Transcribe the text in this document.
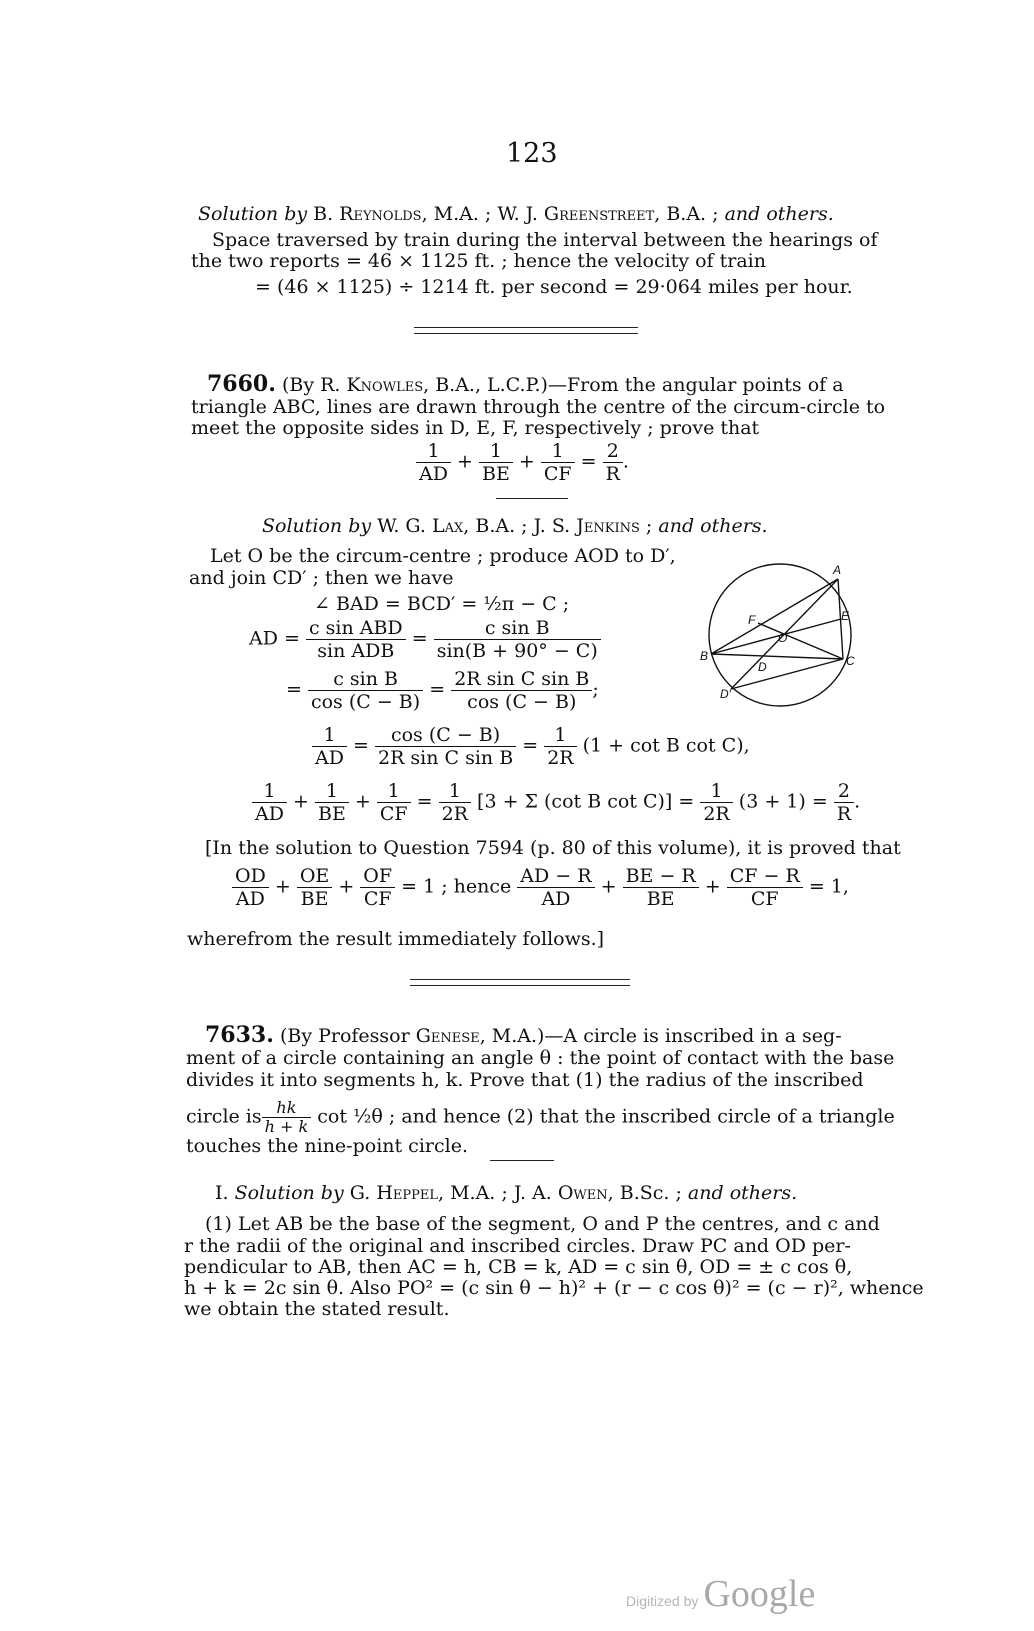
123
Solution by B. Reynolds, M.A. ; W. J. Greenstreet, B.A. ; and others.
Space traversed by train during the interval between the hearings of
the two reports = 46 × 1125 ft. ; hence the velocity of train
= (46 × 1125) ÷ 1214 ft. per second = 29·064 miles per hour.
7660. (By R. Knowles, B.A., L.C.P.)—From the angular points of a
triangle ABC, lines are drawn through the centre of the circum-circle to
meet the opposite sides in D, E, F, respectively ; prove that
$\frac{1}{AD} + \frac{1}{BE} + \frac{1}{CF} = \frac{2}{R}$ .
Solution by W. G. Lax, B.A. ; J. S. Jenkins ; and others.
Let O be the circum-centre ; produce AOD to D′,
and join CD′ ; then we have
∠ BAD = BCD′ = ½π − C ;
AD = $\frac{\text{c sin ABD}}{\text{sin ADB}} = \frac{\text{c sin B}}{\sin(B + 90^\circ - C)}$
= $\frac{\text{c sin B}}{\cos (C - B)} = \frac{\text{2R sin C sin B}}{\cos (C - B)}$ ;
$\frac{1}{AD} = \frac{\cos (C - B)}{\text{2R sin C sin B}} = \frac{1}{2R} (1 + \cot B$ cot C),
$\frac{1}{AD} + \frac{1}{BE} + \frac{1}{CF} = \frac{1}{2R} [3 + \Sigma$ (cot B $\cot C)] = \frac{1}{2R} (3 + 1) = \frac{2}{R}$ .
[In the solution to Question 7594 (p. 80 of this volume), it is proved that
$\frac{OD}{AD} + \frac{OE}{BE} + \frac{OF}{CF} = 1$ ; hence $\frac{AD - R}{AD} + \frac{BE - R}{BE} + \frac{CF - R}{CF} = 1$,
wherefrom the result immediately follows.]
A
B	C
D
D′
E
F
O
7633. (By Professor Genese, M.A.)—A circle is inscribed in a seg-
ment of a circle containing an angle θ : the point of contact with the base
divides it into segments h, k. Prove that (1) the radius of the inscribed
circle is $\frac{hk}{h + k}$ cot ½θ ; and hence (2) that the inscribed circle of a triangle
touches the nine-point circle.
I. Solution by G. Heppel, M.A. ; J. A. Owen, B.Sc. ; and others.
(1) Let AB be the base of the segment, O and P the centres, and c and
r the radii of the original and inscribed circles. Draw PC and OD per-
pendicular to AB, then AC = h, CB = k, AD = c sin θ, OD = ± c cos θ,
h + k = 2c sin θ. Also PO² = (c sin θ − h)² + (r − c cos θ)² = (c − r)², whence
we obtain the stated result.
Digitized by Google
